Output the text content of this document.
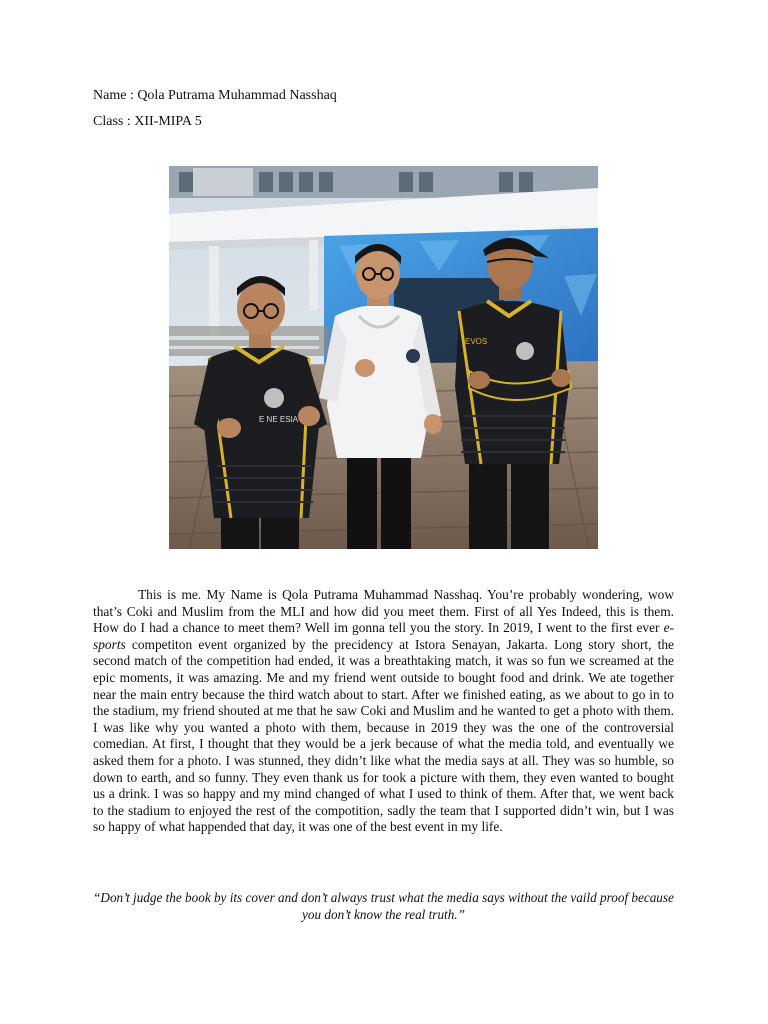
Name : Qola Putrama Muhammad Nasshaq
Class : XII-MIPA 5
E NE ESIA
EVOS

This is me. My Name is Qola Putrama Muhammad Nasshaq. You’re probably wondering, wow that’s Coki and Muslim from the MLI and how did you meet them. First of all Yes Indeed, this is them. How do I had a chance to meet them? Well im gonna tell you the story. In 2019, I went to the first ever e-sports competiton event organized by the precidency at Istora Senayan, Jakarta. Long story short, the second match of the competition had ended, it was a breathtaking match, it was so fun we screamed at the epic moments, it was amazing. Me and my friend went outside to bought food and drink. We ate together near the main entry because the third watch about to start. After we finished eating, as we about to go in to the stadium, my friend shouted at me that he saw Coki and Muslim and he wanted to get a photo with them. I was like why you wanted a photo with them, because in 2019 they was the one of the controversial comedian. At first, I thought that they would be a jerk because of what the media told, and eventually we asked them for a photo. I was stunned, they didn’t like what the media says at all. They was so humble, so down to earth, and so funny. They even thank us for took a picture with them, they even wanted to bought us a drink. I was so happy and my mind changed of what I used to think of them. After that, we went back to the stadium to enjoyed the rest of the compotition, sadly the team that I supported didn’t win, but I was so happy of what happended that day, it was one of the best event in my life.

“Don’t judge the book by its cover and don’t always trust what the media says without the vaild proof because you don’t know the real truth.”
